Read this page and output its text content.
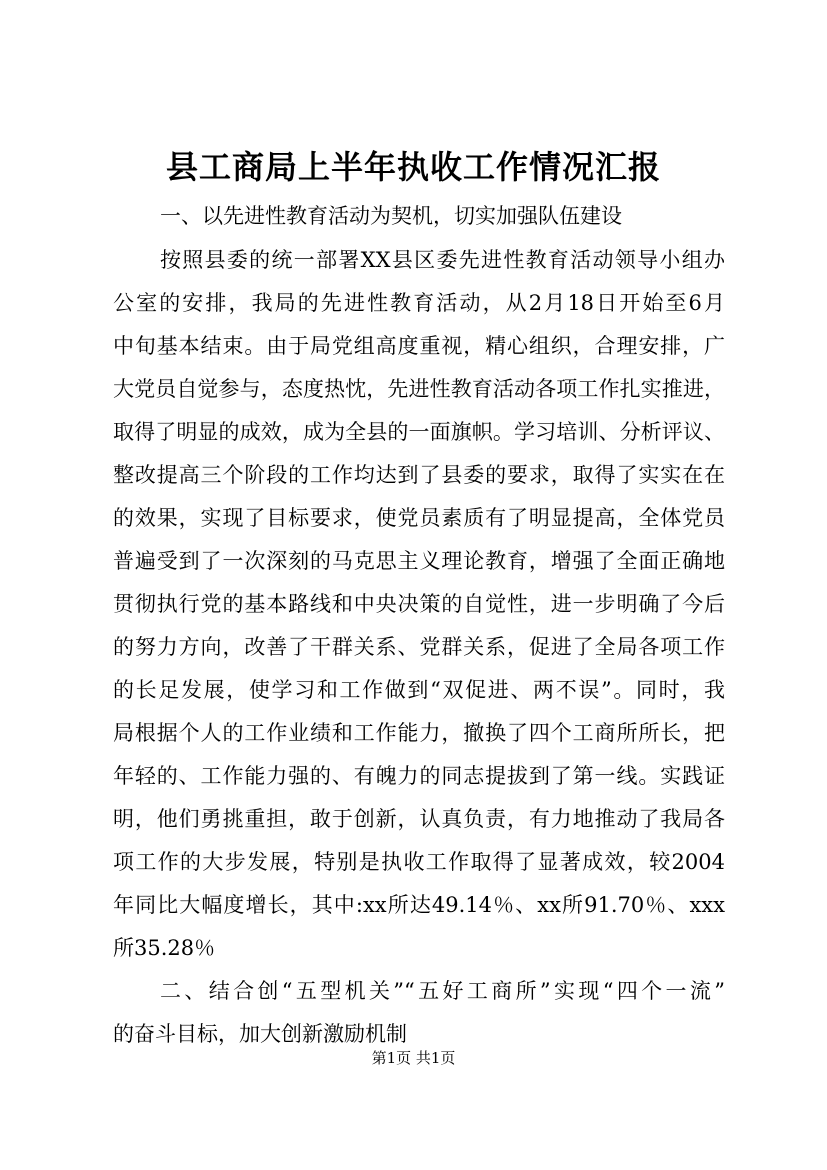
县工商局上半年执收工作情况汇报
一、以先进性教育活动为契机，切实加强队伍建设
按照县委的统一部署XX县区委先进性教育活动领导小组办
公室的安排，我局的先进性教育活动，从2月18日开始至6月
中旬基本结束。由于局党组高度重视，精心组织，合理安排，广
大党员自觉参与，态度热忱，先进性教育活动各项工作扎实推进，
取得了明显的成效，成为全县的一面旗帜。学习培训、分析评议、
整改提高三个阶段的工作均达到了县委的要求，取得了实实在在
的效果，实现了目标要求，使党员素质有了明显提高，全体党员
普遍受到了一次深刻的马克思主义理论教育，增强了全面正确地
贯彻执行党的基本路线和中央决策的自觉性，进一步明确了今后
的努力方向，改善了干群关系、党群关系，促进了全局各项工作
的长足发展，使学习和工作做到“双促进、两不误”。同时，我
局根据个人的工作业绩和工作能力，撤换了四个工商所所长，把
年轻的、工作能力强的、有魄力的同志提拔到了第一线。实践证
明，他们勇挑重担，敢于创新，认真负责，有力地推动了我局各
项工作的大步发展，特别是执收工作取得了显著成效，较2004
年同比大幅度增长，其中:xx所达49.14％、xx所91.70％、xxx
所35.28％
二、结合创“五型机关”“五好工商所”实现“四个一流”
的奋斗目标，加大创新激励机制
第1页 共1页
